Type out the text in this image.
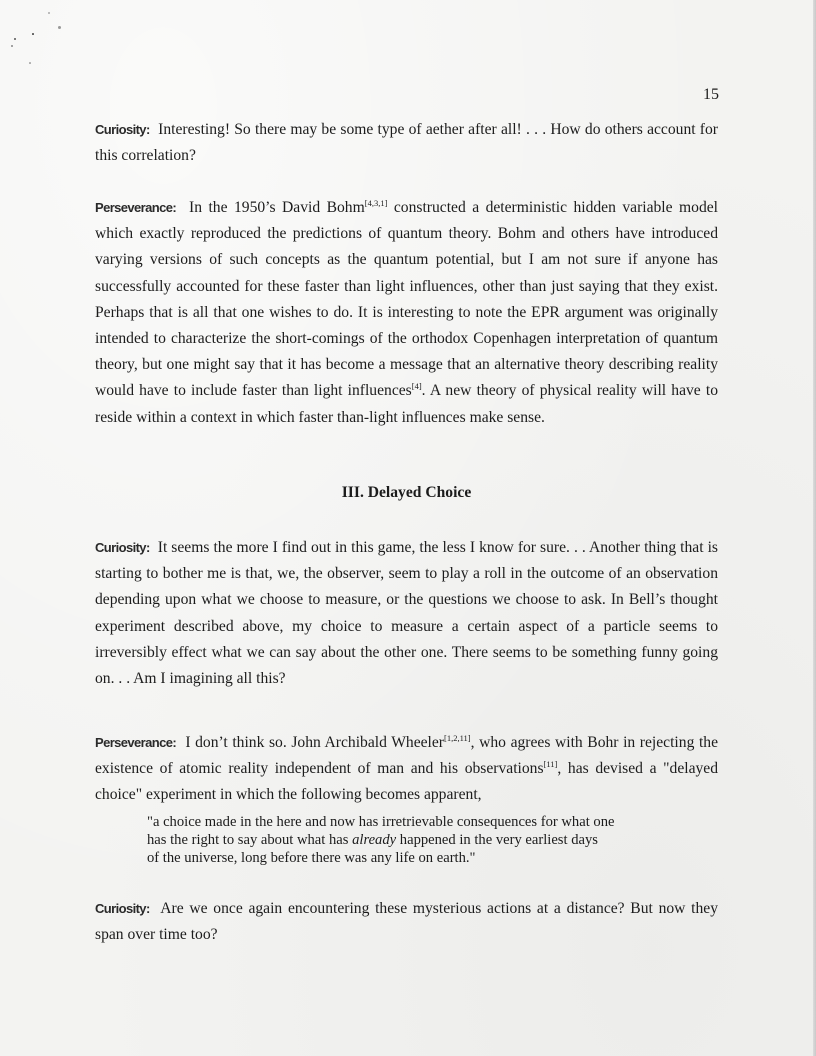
15
Curiosity: Interesting! So there may be some type of aether after all! . . . How do others account for this correlation?
Perseverance: In the 1950’s David Bohm[4,3,1] constructed a deterministic hidden variable model which exactly reproduced the predictions of quantum theory. Bohm and others have introduced varying versions of such concepts as the quantum potential, but I am not sure if anyone has successfully accounted for these faster than light influences, other than just saying that they exist. Perhaps that is all that one wishes to do. It is interesting to note the EPR argument was originally intended to characterize the short-comings of the orthodox Copenhagen interpretation of quantum theory, but one might say that it has become a message that an alternative theory describing reality would have to include faster than light influences[4]. A new theory of physical reality will have to reside within a context in which faster than-light influences make sense.
III. Delayed Choice
Curiosity: It seems the more I find out in this game, the less I know for sure. . . Another thing that is starting to bother me is that, we, the observer, seem to play a roll in the outcome of an observation depending upon what we choose to measure, or the questions we choose to ask. In Bell’s thought experiment described above, my choice to measure a certain aspect of a particle seems to irreversibly effect what we can say about the other one. There seems to be something funny going on. . . Am I imagining all this?
Perseverance: I don’t think so. John Archibald Wheeler[1,2,11], who agrees with Bohr in rejecting the existence of atomic reality independent of man and his observations[11], has devised a "delayed choice" experiment in which the following becomes apparent,

"a choice made in the here and now has irretrievable consequences for what one

has the right to say about what has already happened in the very earliest days

of the universe, long before there was any life on earth."

Curiosity: Are we once again encountering these mysterious actions at a distance? But now they span over time too?
